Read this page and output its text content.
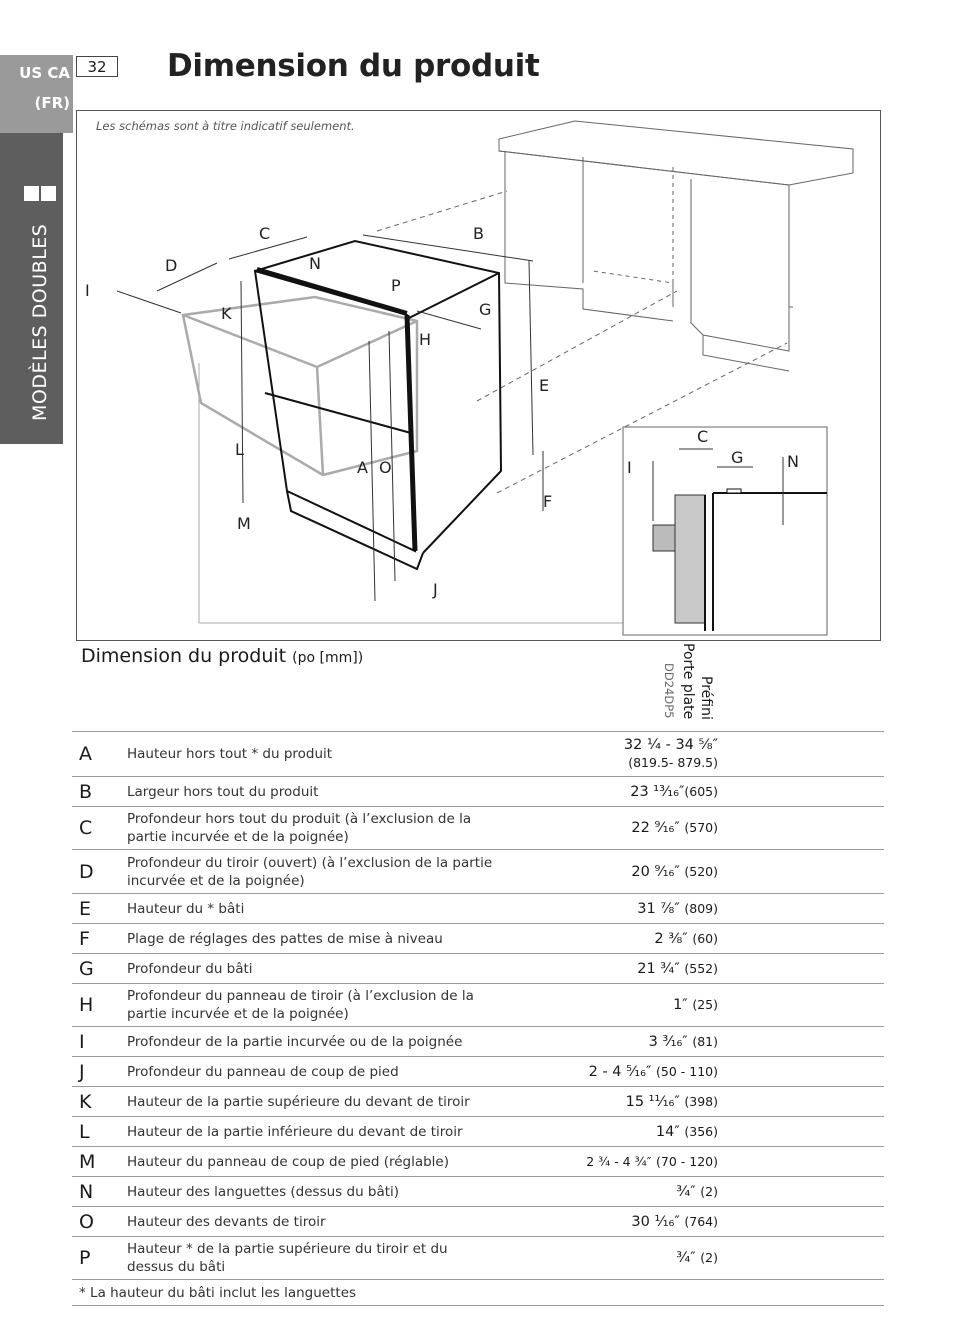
US CA
(FR)
MODÈLES DOUBLES
32	Dimension du produit
Les schémas sont à titre indicatif seulement.
A
B
C
D
E
F
G
H
I
J
K
L
M
N
O
P
C
G
I	N
Dimension du produit (po [mm])
Préfini
Porte plate
DD24DP5
A	Hauteur hors tout * du produit	32 ¼ - 34 ⅝″
(819.5- 879.5)	
B	Largeur hors tout du produit	23 ¹³⁄₁₆″(605)	
C	Profondeur hors tout du produit (à l’exclusion de la partie incurvée et de la poignée)	22 ⁹⁄₁₆″ (570)	
D	Profondeur du tiroir (ouvert) (à l’exclusion de la partie incurvée et de la poignée)	20 ⁹⁄₁₆″ (520)	
E	Hauteur du * bâti	31 ⅞″ (809)	
F	Plage de réglages des pattes de mise à niveau	2 ⅜″ (60)	
G	Profondeur du bâti	21 ¾″ (552)	
H	Profondeur du panneau de tiroir (à l’exclusion de la partie incurvée et de la poignée)	1″ (25)	
I	Profondeur de la partie incurvée ou de la poignée	3 ³⁄₁₆″ (81)	
J	Profondeur du panneau de coup de pied	2 - 4 ⁵⁄₁₆″ (50 - 110)	
K	Hauteur de la partie supérieure du devant de tiroir	15 ¹¹⁄₁₆″ (398)	
L	Hauteur de la partie inférieure du devant de tiroir	14″ (356)	
M	Hauteur du panneau de coup de pied (réglable)	2 ¾ - 4 ¾″ (70 - 120)	
N	Hauteur des languettes (dessus du bâti)	¾″ (2)	
O	Hauteur des devants de tiroir	30 ¹⁄₁₆″ (764)	
P	Hauteur * de la partie supérieure du tiroir et du dessus du bâti	¾″ (2)	
* La hauteur du bâti inclut les languettes
